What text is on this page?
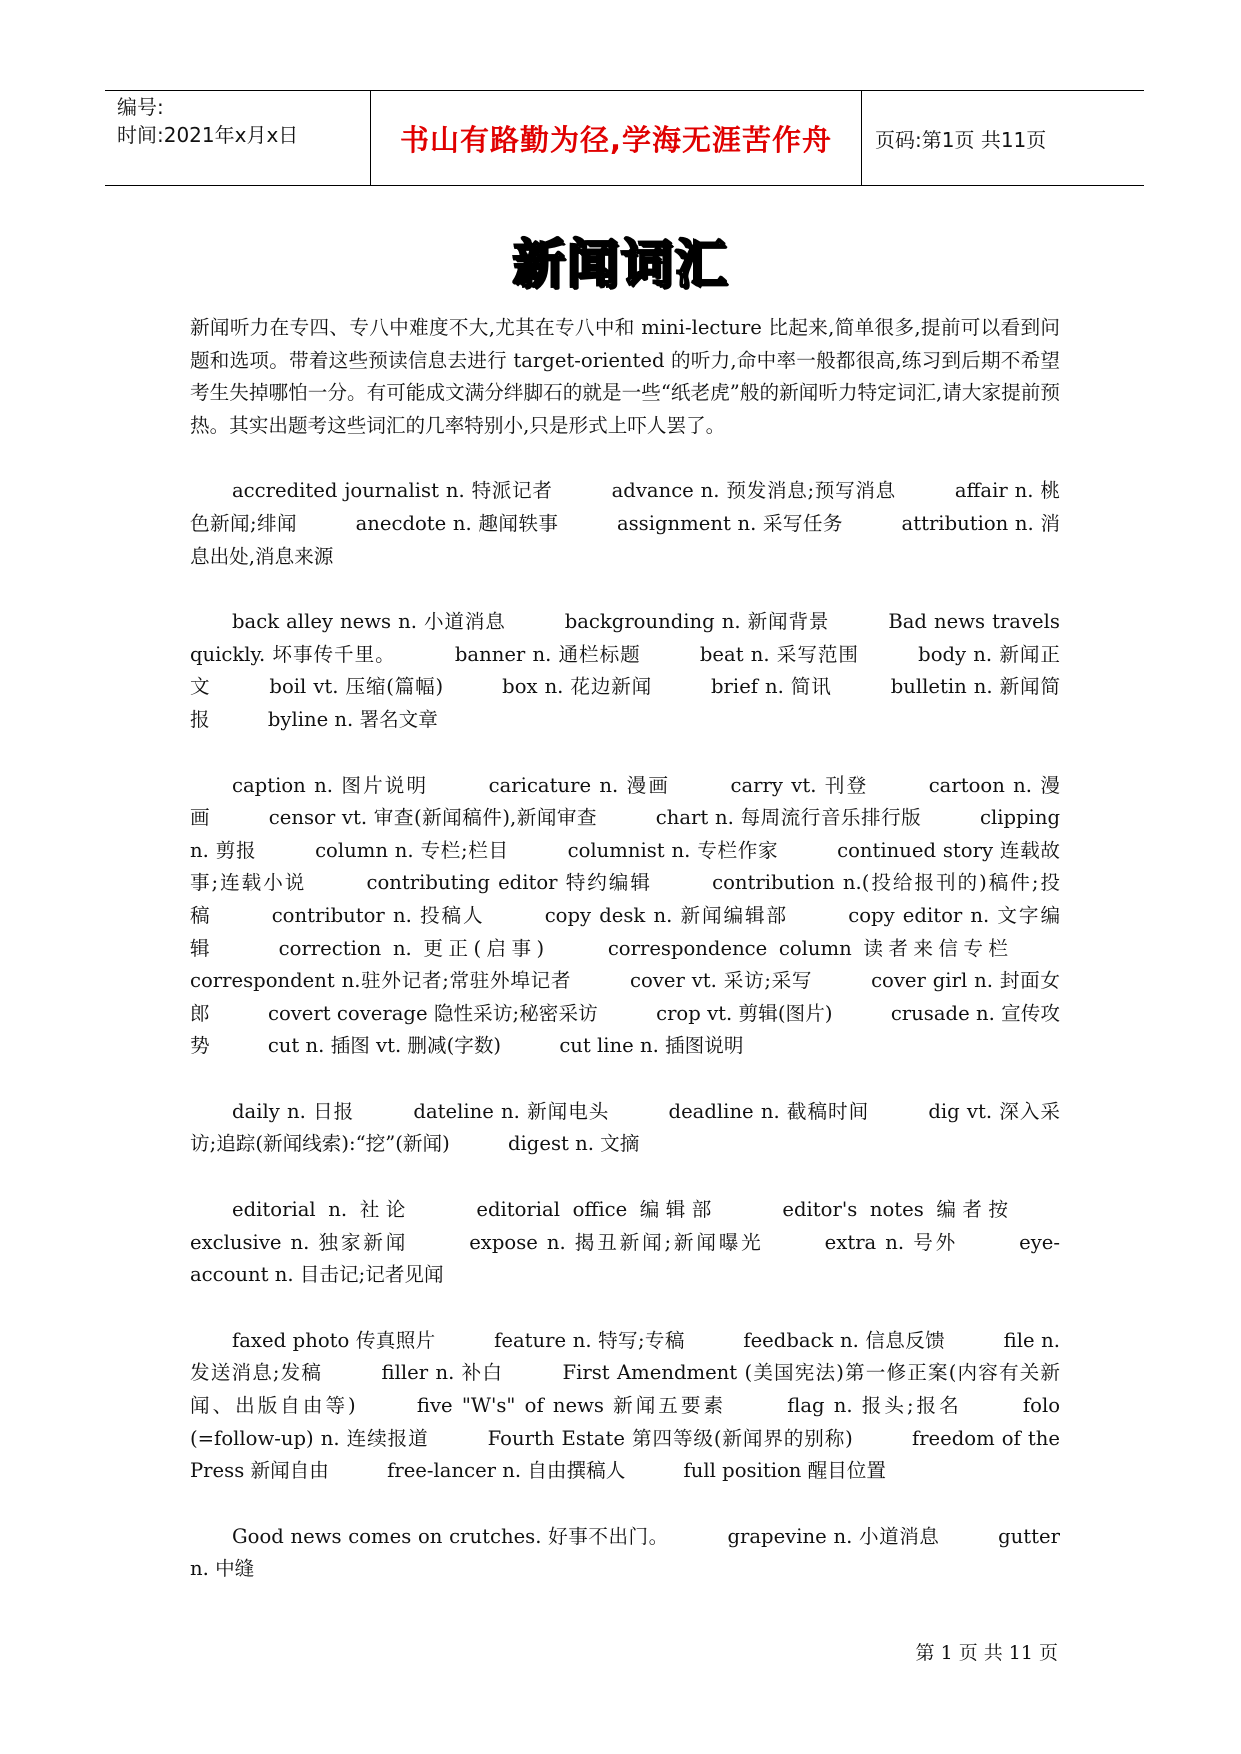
编号:
时间:2021年x月x日	书山有路勤为径,学海无涯苦作舟	页码:第1页 共11页
新闻词汇

新闻听力在专四、专八中难度不大,尤其在专八中和 mini-lecture 比起来,简单很多,提前可以看到问题和选项。带着这些预读信息去进行 target-oriented 的听力,命中率一般都很高,练习到后期不希望考生失掉哪怕一分。有可能成文满分绊脚石的就是一些“纸老虎”般的新闻听力特定词汇,请大家提前预热。其实出题考这些词汇的几率特别小,只是形式上吓人罢了。

accredited journalist n. 特派记者	advance n. 预发消息;预写消息	affair n. 桃色新闻;绯闻	anecdote n. 趣闻轶事	assignment n. 采写任务	attribution n. 消息出处,消息来源

back alley news n. 小道消息	backgrounding n. 新闻背景	Bad news travels quickly. 坏事传千里。	banner n. 通栏标题	beat n. 采写范围	body n. 新闻正文	boil vt. 压缩(篇幅)	box n. 花边新闻	brief n. 简讯	bulletin n. 新闻简报	byline n. 署名文章

caption n. 图片说明	caricature n. 漫画	carry vt. 刊登	cartoon n. 漫画	censor vt. 审查(新闻稿件),新闻审查	chart n. 每周流行音乐排行版	clipping n. 剪报	column n. 专栏;栏目	columnist n. 专栏作家	continued story 连载故事;连载小说	contributing editor 特约编辑	contribution n.(投给报刊的)稿件;投稿	contributor n. 投稿人	copy desk n. 新闻编辑部	copy editor n. 文字编辑	correction n. 更正(启事)	correspondence column 读者来信专栏 correspondent n.驻外记者;常驻外埠记者	cover vt. 采访;采写	cover girl n. 封面女郎	covert coverage 隐性采访;秘密采访	crop vt. 剪辑(图片)	crusade n. 宣传攻势	cut n. 插图 vt. 删减(字数)	cut line n. 插图说明

daily n. 日报	dateline n. 新闻电头	deadline n. 截稿时间	dig vt. 深入采访;追踪(新闻线索):“挖”(新闻)	digest n. 文摘

editorial n. 社论	editorial office 编辑部	editor's notes 编者按 exclusive n. 独家新闻	expose n. 揭丑新闻;新闻曝光	extra n. 号外	eye-account n. 目击记;记者见闻

faxed photo 传真照片	feature n. 特写;专稿	feedback n. 信息反馈	file n. 发送消息;发稿	filler n. 补白	First Amendment (美国宪法)第一修正案(内容有关新闻、出版自由等)	five "W's" of news 新闻五要素	flag n. 报头;报名	folo (=follow-up) n. 连续报道	Fourth Estate 第四等级(新闻界的别称)	freedom of the Press 新闻自由	free-lancer n. 自由撰稿人	full position 醒目位置

Good news comes on crutches. 好事不出门。	grapevine n. 小道消息	gutter n. 中缝

第 1 页 共 11 页
